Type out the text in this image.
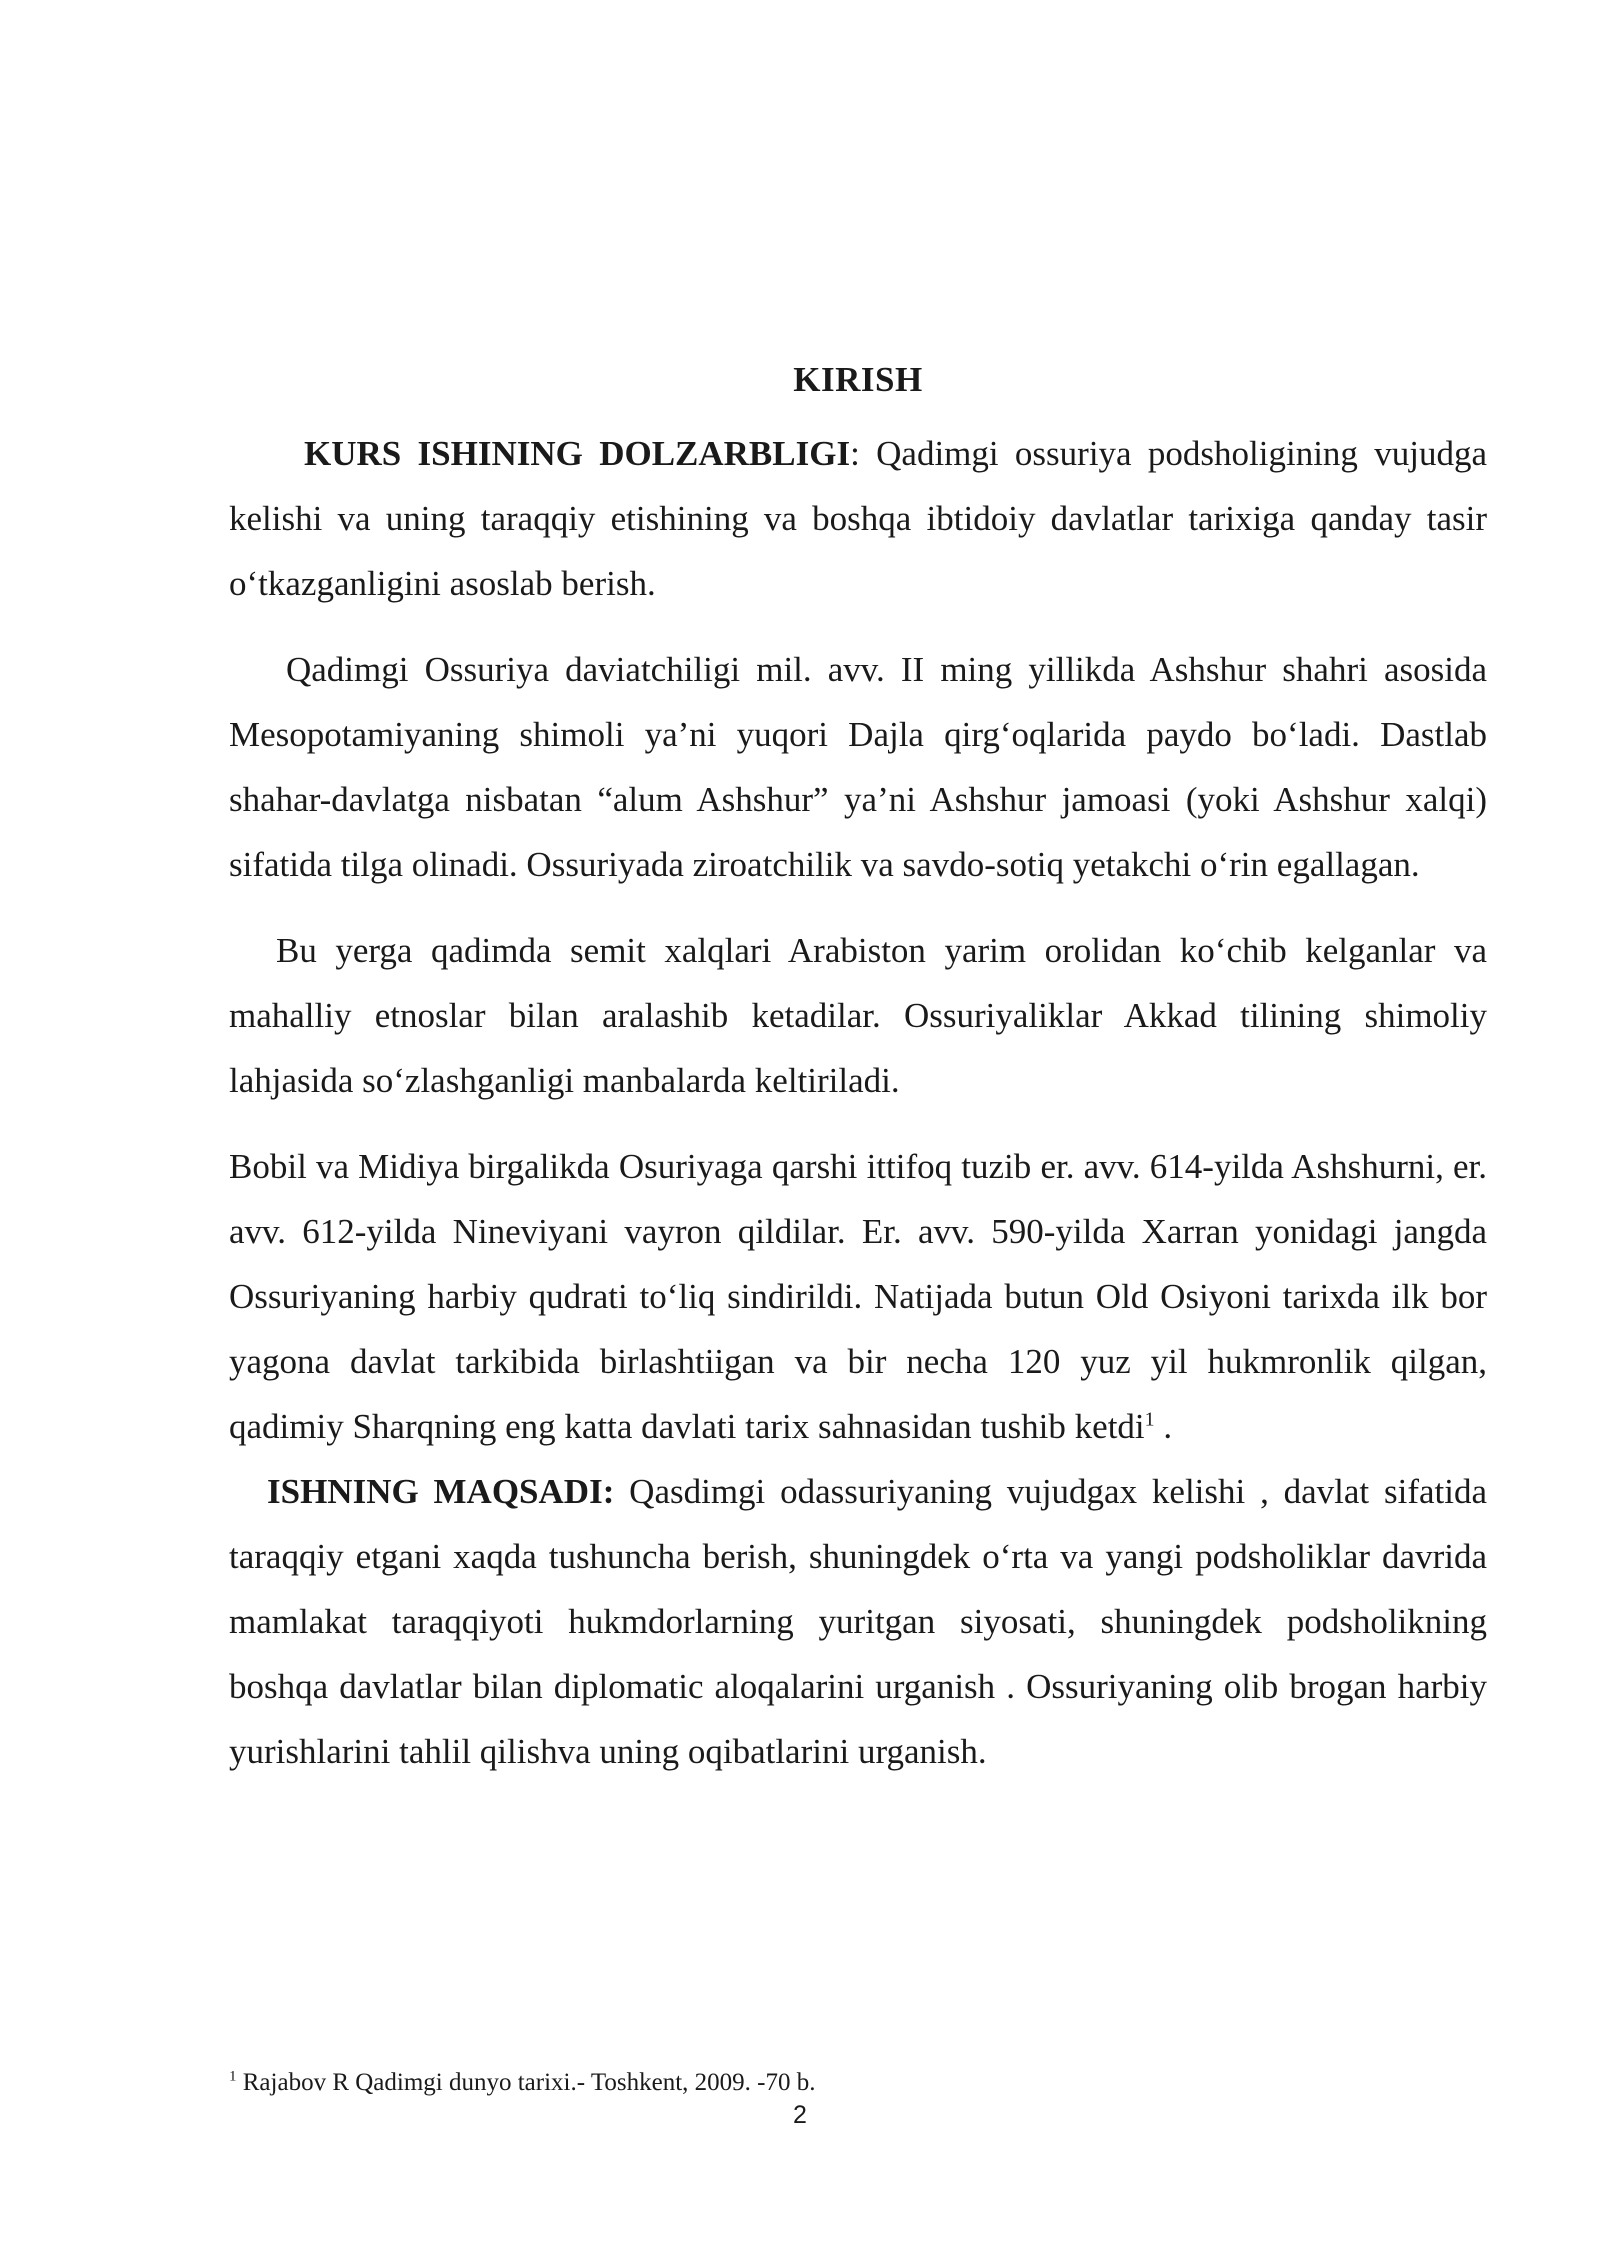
KIRISH

KURS ISHINING DOLZARBLIGI: Qadimgi ossuriya podsholigining vujudga kelishi va uning taraqqiy etishining va boshqa ibtidoiy davlatlar tarixiga qanday tasir o‘tkazganligini asoslab berish.

Qadimgi Ossuriya daviatchiligi mil. avv. II ming yillikda Ashshur shahri asosida Mesopotamiyaning shimoli ya’ni yuqori Dajla qirg‘oqlarida paydo bo‘ladi. Dastlab shahar-davlatga nisbatan “alum Ashshur” ya’ni Ashshur jamoasi (yoki Ashshur xalqi) sifatida tilga olinadi. Ossuriyada ziroatchilik va savdo-sotiq yetakchi o‘rin egallagan.

Bu yerga qadimda semit xalqlari Arabiston yarim orolidan ko‘chib kelganlar va mahalliy etnoslar bilan aralashib ketadilar. Ossuriyaliklar Akkad tilining shimoliy lahjasida so‘zlashganligi manbalarda keltiriladi.

Bobil va Midiya birgalikda Osuriyaga qarshi ittifoq tuzib er. avv. 614-yilda Ashshurni, er. avv. 612-yilda Nineviyani vayron qildilar. Er. avv. 590-yilda Xarran yonidagi jangda Ossuriyaning harbiy qudrati to‘liq sindirildi. Natijada butun Old Osiyoni tarixda ilk bor yagona davlat tarkibida birlashtiigan va bir necha 120 yuz yil hukmronlik qilgan, qadimiy Sharqning eng katta davlati tarix sahnasidan tushib ketdi$^1$ .

ISHNING MAQSADI: Qasdimgi odassuriyaning vujudgax kelishi , davlat sifatida taraqqiy etgani xaqda tushuncha berish, shuningdek o‘rta va yangi podsholiklar davrida mamlakat taraqqiyoti hukmdorlarning yuritgan siyosati, shuningdek podsholikning boshqa davlatlar bilan diplomatic aloqalarini urganish . Ossuriyaning olib brogan harbiy yurishlarini tahlil qilishva uning oqibatlarini urganish.

$^1$ Rajabov R Qadimgi dunyo tarixi.- Toshkent, 2009. -70 b.
2
